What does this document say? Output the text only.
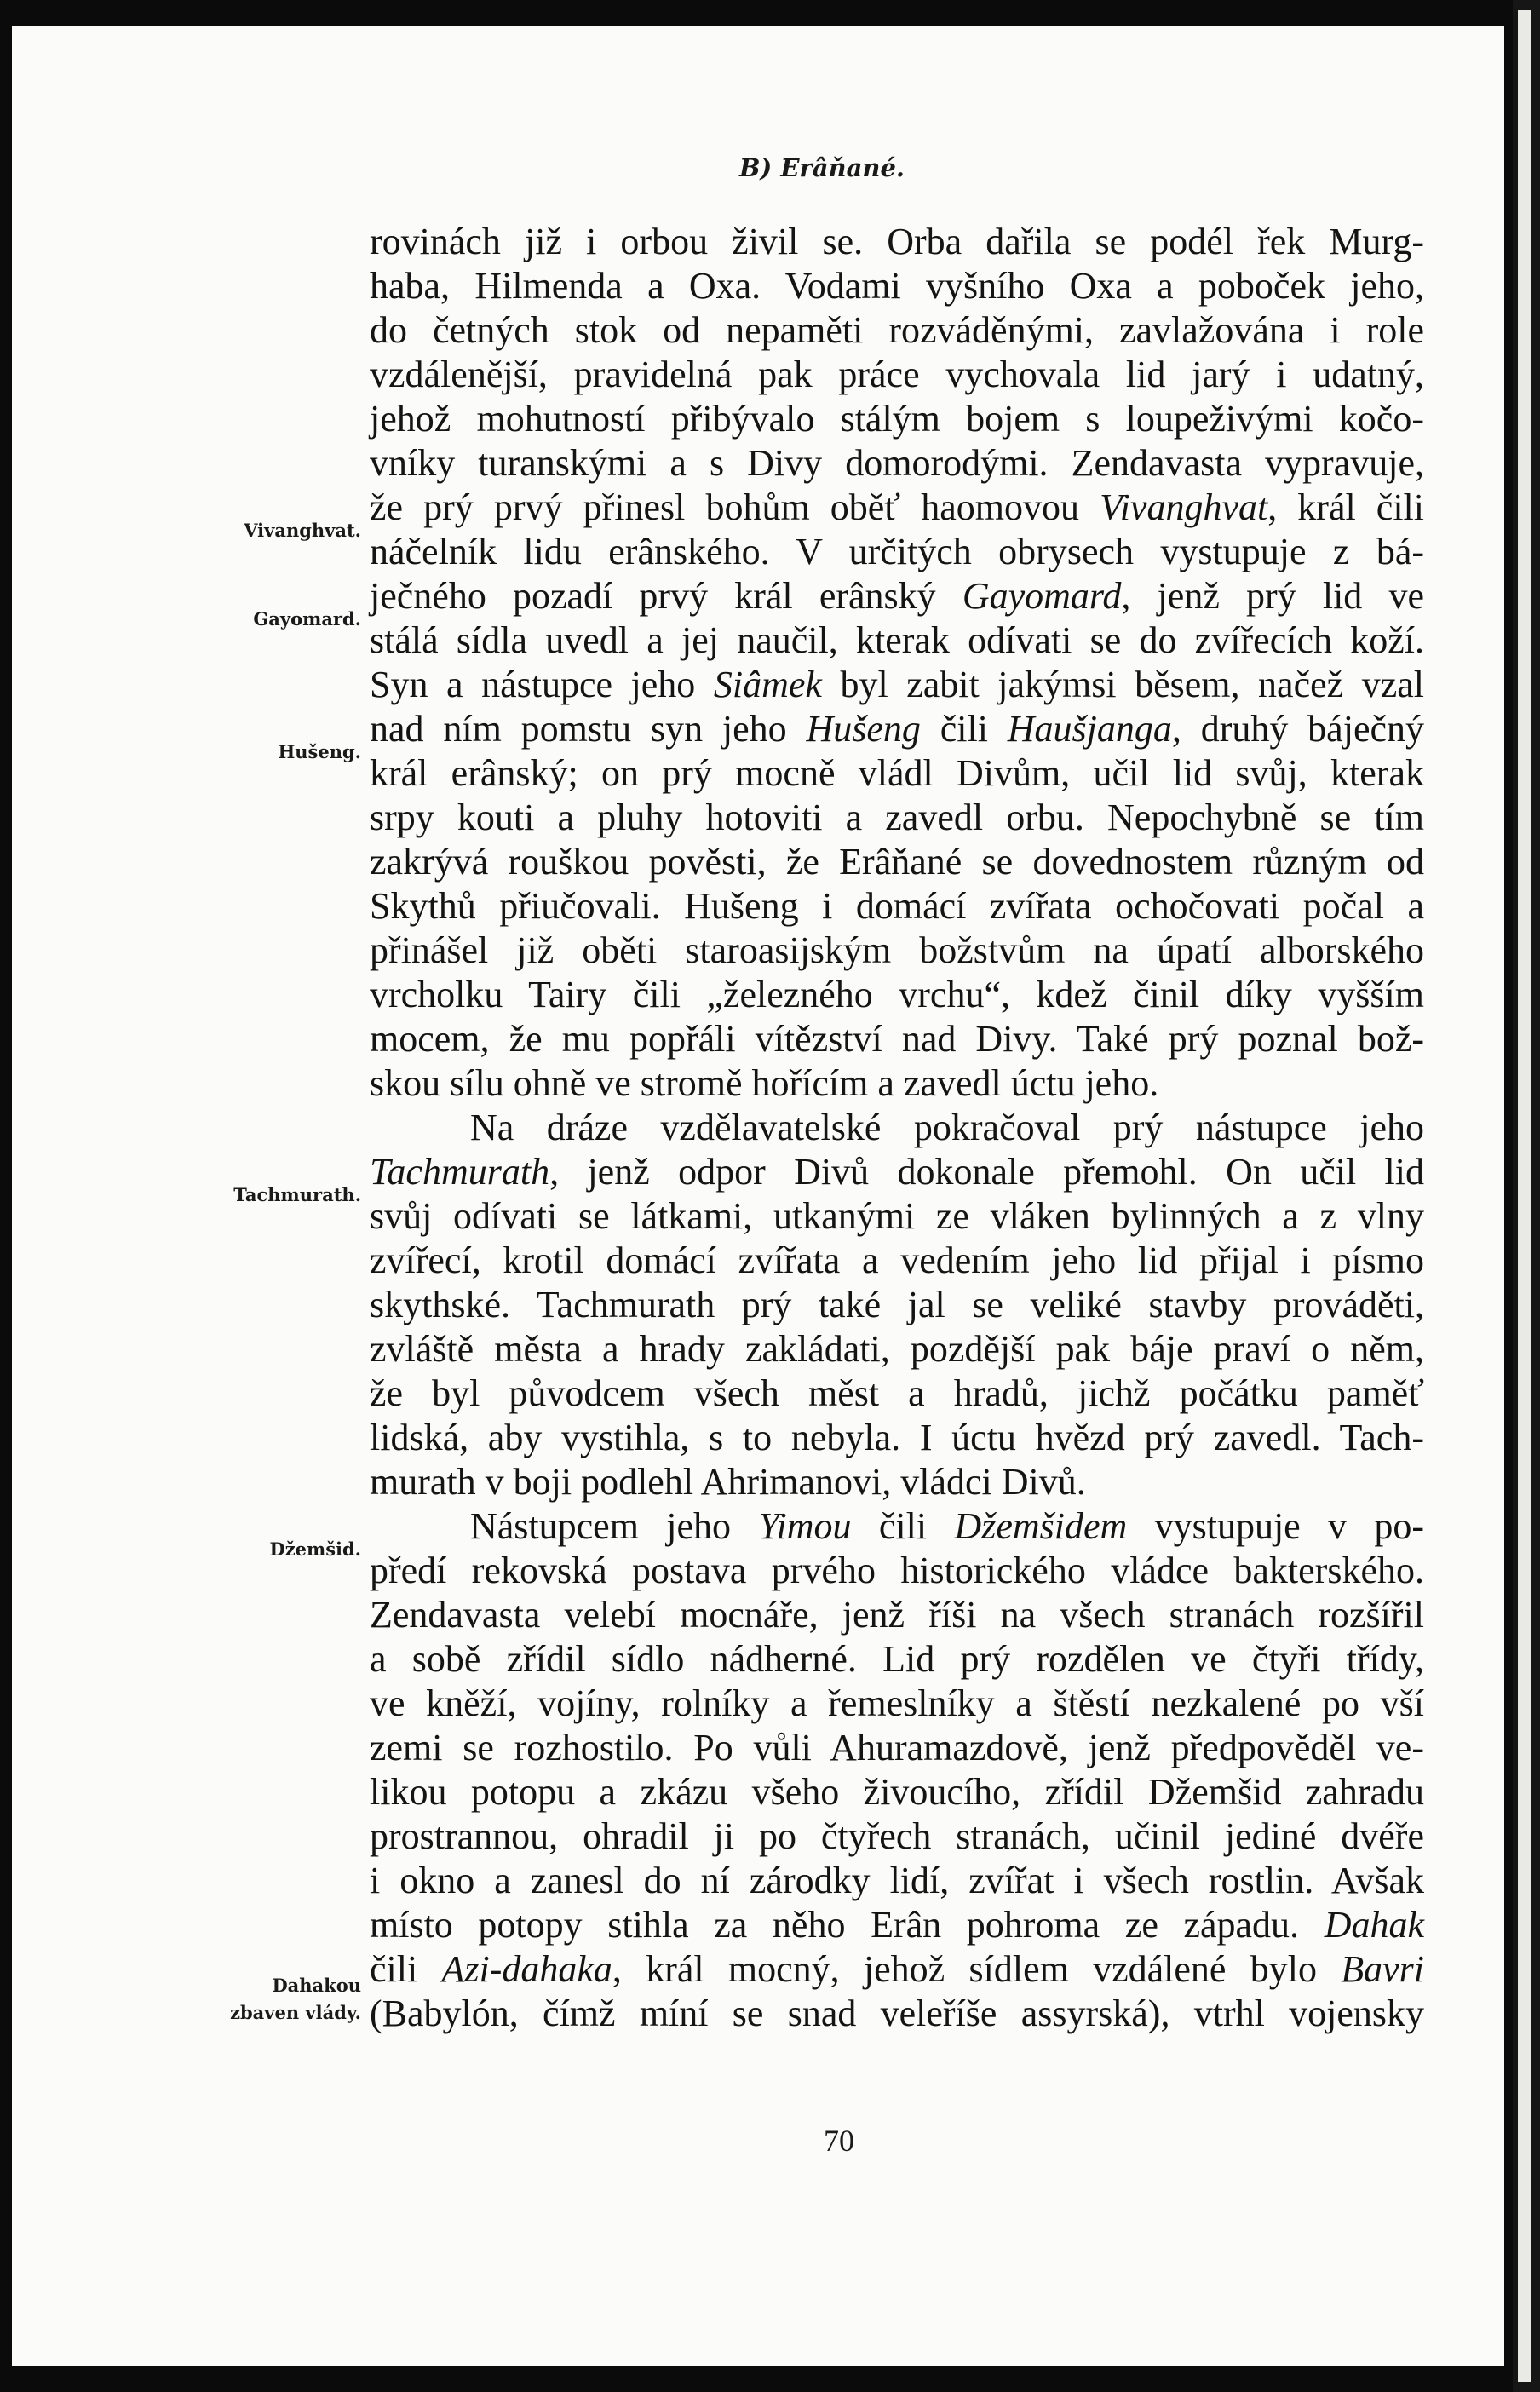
B) Erâňané.
Vivanghvat.
Gayomard.
Hušeng.
Tachmurath.
Džemšid.
Dahakou
zbaven vlády.
rovinách již i orbou živil se. Orba dařila se podél řek Murg-
haba, Hilmenda a Oxa. Vodami vyšního Oxa a poboček jeho,
do četných stok od nepaměti rozváděnými, zavlažována i role
vzdálenější, pravidelná pak práce vychovala lid jarý i udatný,
jehož mohutností přibývalo stálým bojem s loupeživými kočo-
vníky turanskými a s Divy domorodými. Zendavasta vypravuje,
že prý prvý přinesl bohům oběť haomovou Vivanghvat, král čili
náčelník lidu erânského. V určitých obrysech vystupuje z bá-
ječného pozadí prvý král erânský Gayomard, jenž prý lid ve
stálá sídla uvedl a jej naučil, kterak odívati se do zvířecích koží.
Syn a nástupce jeho Siâmek byl zabit jakýmsi běsem, načež vzal
nad ním pomstu syn jeho Hušeng čili Haušjanga, druhý báječný
král erânský; on prý mocně vládl Divům, učil lid svůj, kterak
srpy kouti a pluhy hotoviti a zavedl orbu. Nepochybně se tím
zakrývá rouškou pověsti, že Erâňané se dovednostem různým od
Skythů přiučovali. Hušeng i domácí zvířata ochočovati počal a
přinášel již oběti staroasijským božstvům na úpatí alborského
vrcholku Tairy čili „železného vrchu“, kdež činil díky vyšším
mocem, že mu popřáli vítězství nad Divy. Také prý poznal bož-
skou sílu ohně ve stromě hořícím a zavedl úctu jeho.
Na dráze vzdělavatelské pokračoval prý nástupce jeho
Tachmurath, jenž odpor Divů dokonale přemohl. On učil lid
svůj odívati se látkami, utkanými ze vláken bylinných a z vlny
zvířecí, krotil domácí zvířata a vedením jeho lid přijal i písmo
skythské. Tachmurath prý také jal se veliké stavby prováděti,
zvláště města a hrady zakládati, pozdější pak báje praví o něm,
že byl původcem všech měst a hradů, jichž počátku paměť
lidská, aby vystihla, s to nebyla. I úctu hvězd prý zavedl. Tach-
murath v boji podlehl Ahrimanovi, vládci Divů.
Nástupcem jeho Yimou čili Džemšidem vystupuje v po-
předí rekovská postava prvého historického vládce bakterského.
Zendavasta velebí mocnáře, jenž říši na všech stranách rozšířil
a sobě zřídil sídlo nádherné. Lid prý rozdělen ve čtyři třídy,
ve kněží, vojíny, rolníky a řemeslníky a štěstí nezkalené po vší
zemi se rozhostilo. Po vůli Ahuramazdově, jenž předpověděl ve-
likou potopu a zkázu všeho živoucího, zřídil Džemšid zahradu
prostrannou, ohradil ji po čtyřech stranách, učinil jediné dvéře
i okno a zanesl do ní zárodky lidí, zvířat i všech rostlin. Avšak
místo potopy stihla za něho Erân pohroma ze západu. Dahak
čili Azi-dahaka, král mocný, jehož sídlem vzdálené bylo Bavri
(Babylón, čímž míní se snad veleříše assyrská), vtrhl vojensky
70
